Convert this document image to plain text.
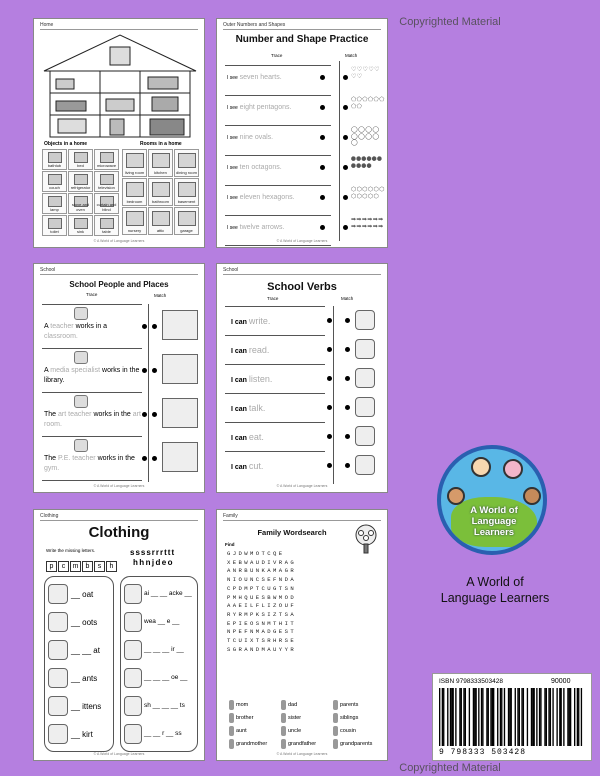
Copyrighted Material
Copyrighted Material
Home
Objects in a home	Rooms in a home
© A World of Language Learners
bathtub	bed	microwave
couch	refrigerator	television
lamp
stove and oven
curtain and blind
toilet	sink	table
living room	kitchen	dining room
bedroom	bathroom	basement
nursery	attic	garage
Outer Numbers and Shapes
Number and Shape Practice
Trace	Match
© A World of Language Learners
I see seven hearts.
♡♡♡♡♡♡♡
I see eight pentagons.
⬠⬠⬠⬠⬠⬠⬠⬠
I see nine ovals.
◯◯◯◯◯◯◯◯◯
I see ten octagons.
⯃⯃⯃⯃⯃⯃⯃⯃⯃⯃
I see eleven hexagons.
⬡⬡⬡⬡⬡⬡⬡⬡⬡⬡⬡
I see twelve arrows.
➡➡➡➡➡➡➡➡➡➡➡➡
School
School People and Places
Trace	Match
© A World of Language Learners
A teacher works in a classroom.
A media specialist works in the library.
The art teacher works in the art room.
The P.E. teacher works in the gym.
School
School Verbs
Trace	Match
© A World of Language Learners
I can write.
I can read.
I can listen.
I can talk.
I can eat.
I can cut.
Clothing
Clothing
Write the missing letters.
p c m b s h
ssssrrrttt
hhnjdeo
© A World of Language Learners
__ oat
__ oots
__ __ at
__ ants
__ ittens
__ kirt
ai __ __ acke __
wea __ e __
__ __ __ ir __
__ __ __ oe __
sh __ __ __ ts
__ __ r __ ss
Family
Family Wordsearch
Find
GJDWMOTCQE
XEBWAUDIVRAG
ANRBUNKAMAGR
NIOUNCSEFNDA
CPDMPTCUGTSN
PMHQUESBWMOD
AAEILFLIZOUF
RYRMPKSIZTSA
EPIEOSNMTHIT
NPEFNMADGEST
TCUIXTSRHRSE
SGRANDMAUYYR
© A World of Language Learners
mom	dad	parents
brother	sister	siblings
aunt	uncle	cousin
grandmother	grandfather	grandparents
A World of Language Learners
A World of
Language Learners
ISBN 9798333503428	90000
9 798333 503428
